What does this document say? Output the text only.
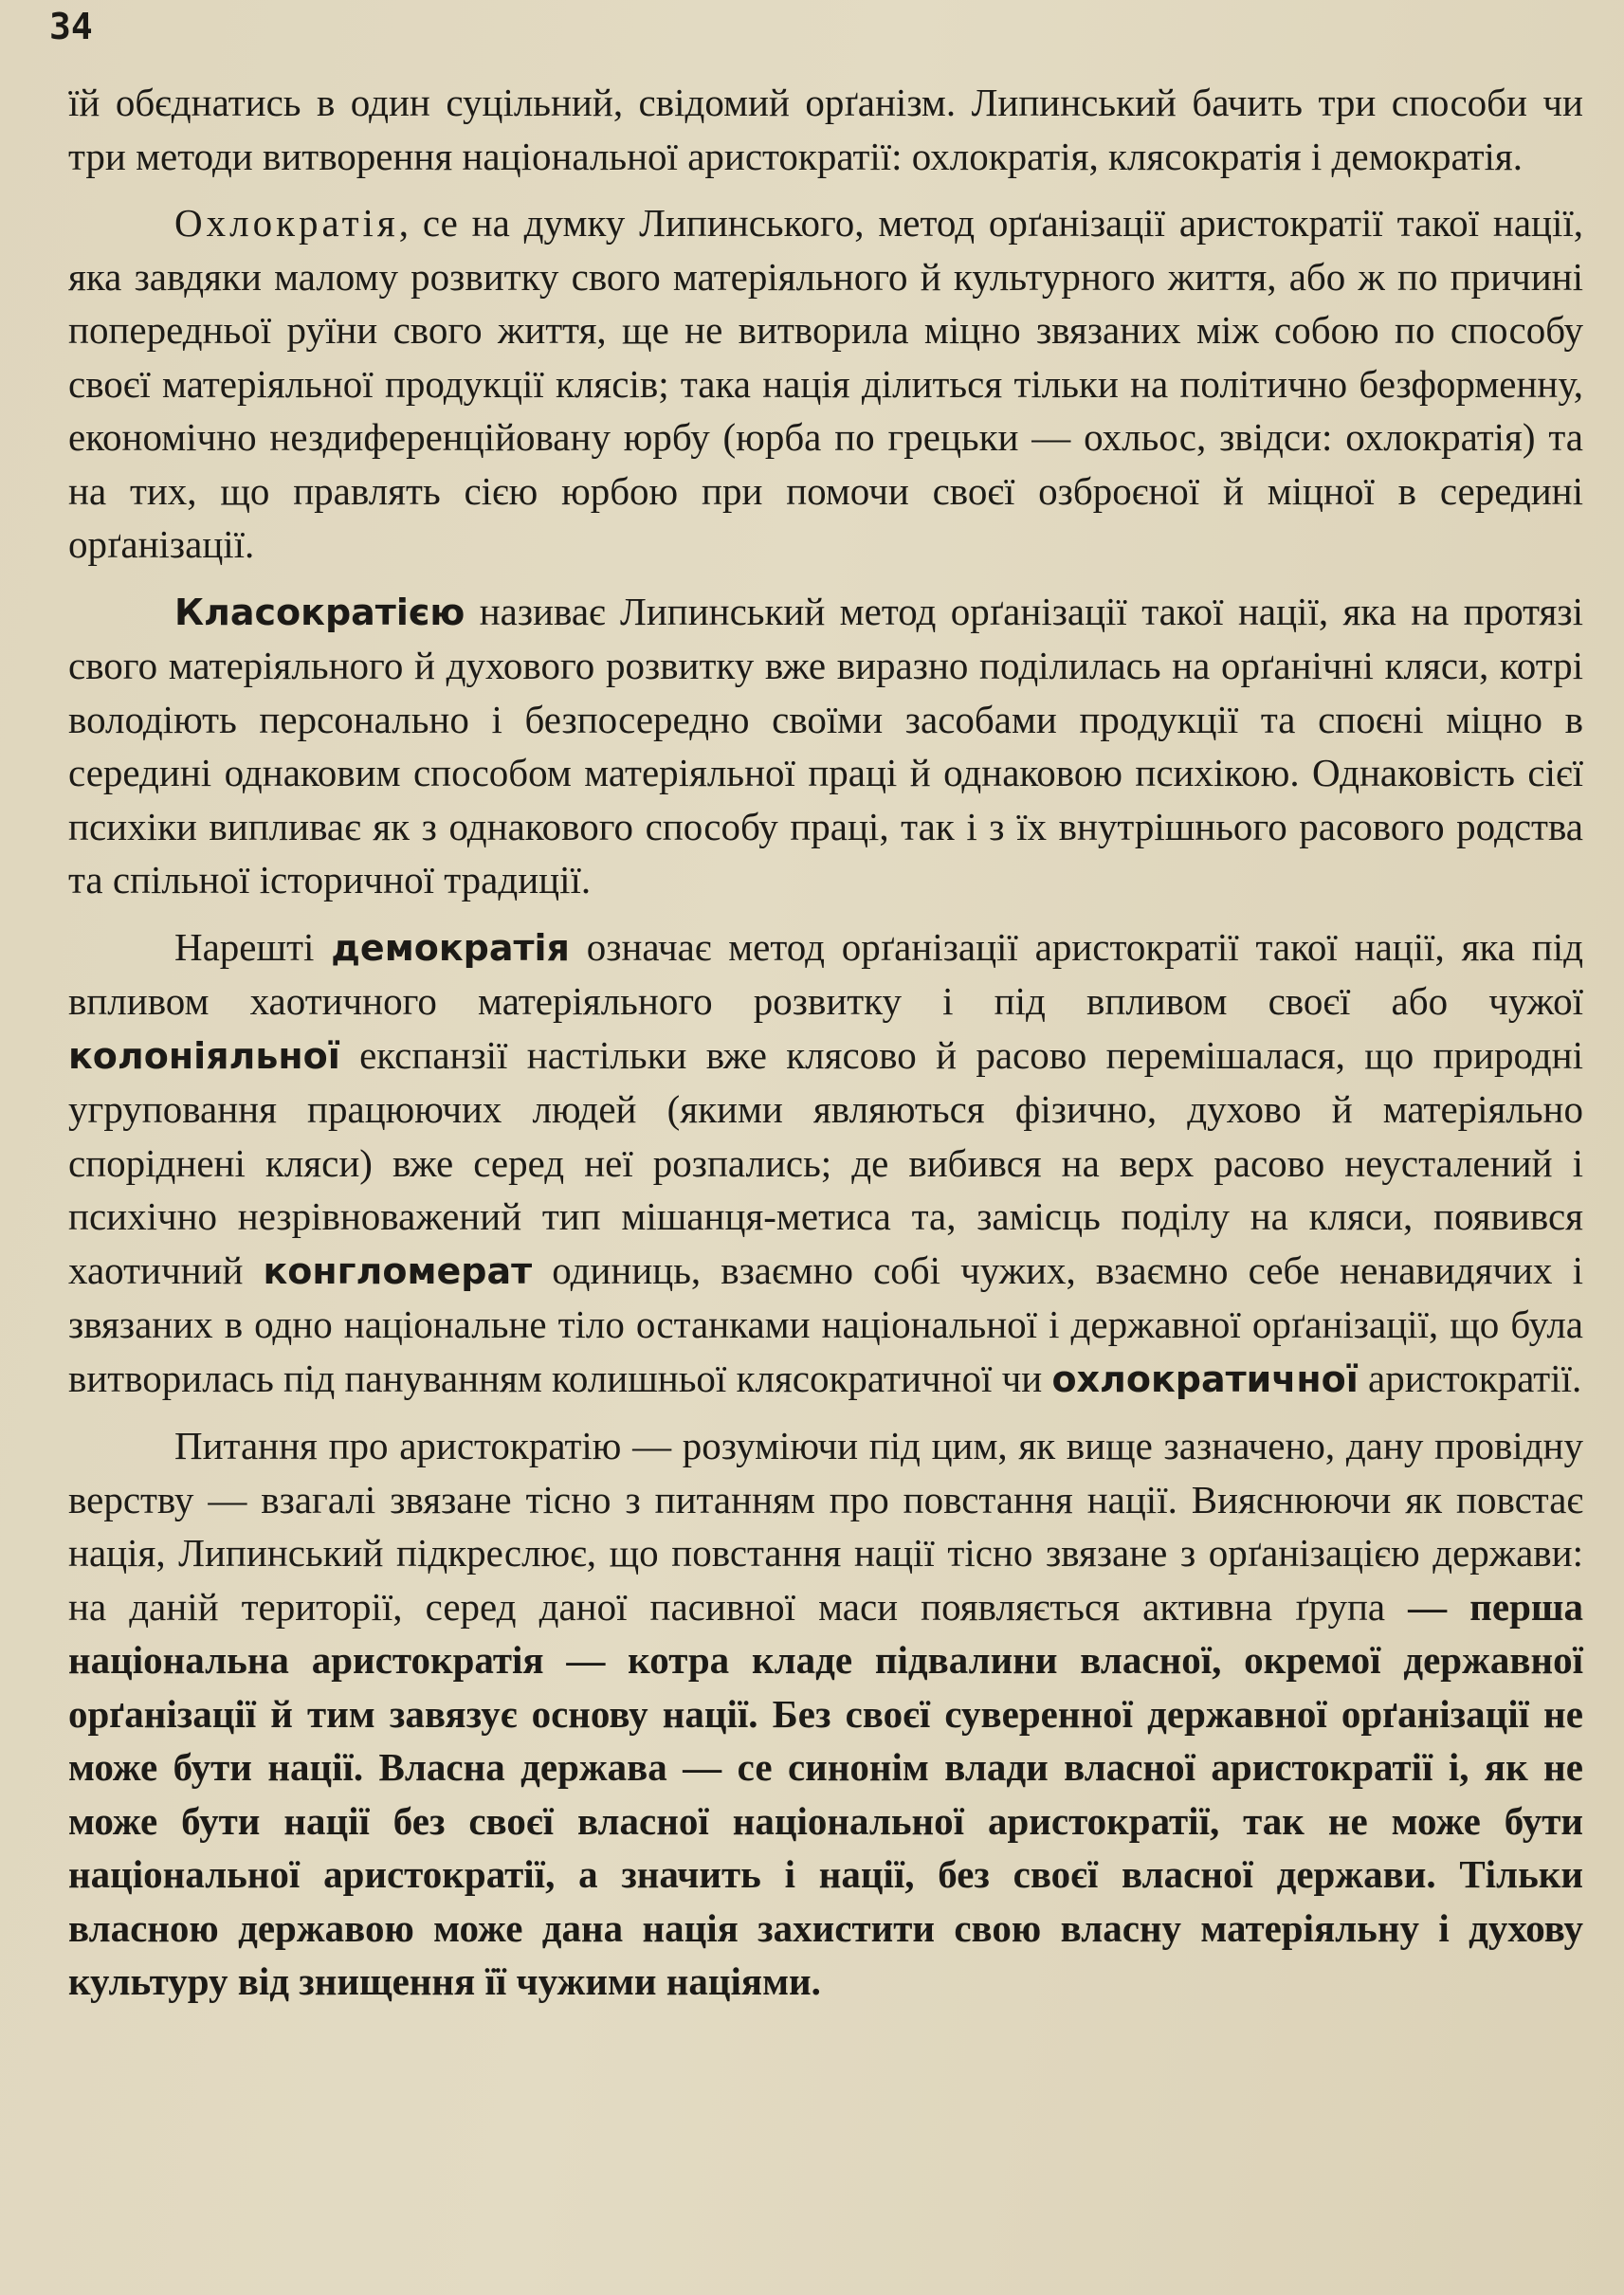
34

їй обєднатись в один суцільний, свідомий орґанізм. Липинський бачить три способи чи три методи витворення національної аристократії: охлократія, клясократія і демократія.

Охлократія, се на думку Липинського, метод орґанізації аристократії такої нації, яка завдяки малому розвитку свого матеріяльного й культурного життя, або ж по причині попередньої руїни свого життя, ще не витворила міцно звязаних між собою по способу своєї матеріяльної продукції клясів; така нація ділиться тільки на політично безформенну, економічно нездиференційовану юрбу (юрба по грецьки — охльос, звідси: охлократія) та на тих, що правлять сією юрбою при помочи своєї озброєної й міцної в середині орґанізації.

Класократією називає Липинський метод орґанізації такої нації, яка на протязі свого матеріяльного й духового розвитку вже виразно поділилась на орґанічні кляси, котрі володіють персонально і безпосередно своїми засобами продукції та споєні міцно в середині однаковим способом матеріяльної праці й однаковою психікою. Однаковість сієї психіки випливає як з однакового способу праці, так і з їх внутрішнього расового родства та спільної історичної традиції.

Нарешті демократія означає метод орґанізації аристократії такої нації, яка під впливом хаотичного матеріяльного розвитку і під впливом своєї або чужої колоніяльної експанзії настільки вже клясово й расово перемішалася, що природні угруповання працюючих людей (якими являються фізично, духово й матеріяльно споріднені кляси) вже серед неї розпались; де вибився на верх расово неусталений і психічно незрівноважений тип мішанця-метиса та, замісць поділу на кляси, появився хаотичний конгломерат одиниць, взаємно собі чужих, взаємно себе ненавидячих і звязаних в одно національне тіло останками національної і державної орґанізації, що була витворилась під пануванням колишньої клясократичної чи охлократичної аристократії.

Питання про аристократію — розуміючи під цим, як вище зазначено, дану провідну верству — взагалі звязане тісно з питанням про повстання нації. Вияснюючи як повстає нація, Липинський підкреслює, що повстання нації тісно звязане з орґанізацією держави: на даній території, серед даної пасивної маси появляється активна ґрупа — перша національна аристократія — котра кладе підвалини власної, окремої державної орґанізації й тим завязує основу нації. Без своєї суверенної державної орґанізації не може бути нації. Власна держава — се синонім влади власної аристократії і, як не може бути нації без своєї власної національної аристократії, так не може бути національної аристократії, а значить і нації, без своєї власної держави. Тільки власною державою може дана нація захистити свою власну матеріяльну і духову культуру від знищення її чужими націями.
